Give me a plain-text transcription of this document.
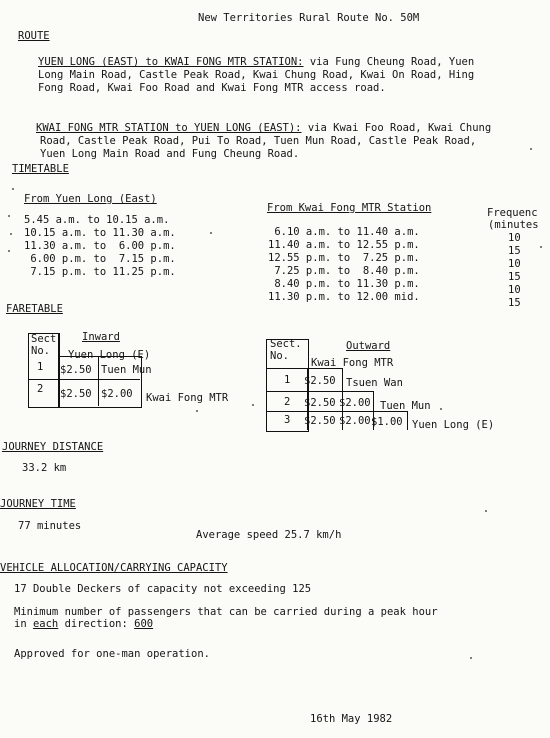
New Territories Rural Route No. 50M
ROUTE
YUEN LONG (EAST) to KWAI FONG MTR STATION: via Fung Cheung Road, Yuen
Long Main Road, Castle Peak Road, Kwai Chung Road, Kwai On Road, Hing
Fong Road, Kwai Foo Road and Kwai Fong MTR access road.
KWAI FONG MTR STATION to YUEN LONG (EAST): via Kwai Foo Road, Kwai Chung
Road, Castle Peak Road, Pui To Road, Tuen Mun Road, Castle Peak Road,
Yuen Long Main Road and Fung Cheung Road.
TIMETABLE
From Yuen Long (East)
5.45 a.m. to 10.15 a.m.
10.15 a.m. to 11.30 a.m.
11.30 a.m. to  6.00 p.m.
6.00 p.m. to  7.15 p.m.
7.15 p.m. to 11.25 p.m.
From Kwai Fong MTR Station
6.10 a.m. to 11.40 a.m.
11.40 a.m. to 12.55 p.m.
12.55 p.m. to  7.25 p.m.
7.25 p.m. to  8.40 p.m.
8.40 p.m. to 11.30 p.m.
11.30 p.m. to 12.00 mid.
Frequenc
(minutes
10
15
10
15
10
15
FARETABLE
Sect.
No.
Inward
Yuen Long (E)
1 $2.50 Tuen Mun
2 $2.50 $2.00 Kwai Fong MTR
Sect.
No.
Outward
Kwai Fong MTR
1 $2.50 Tsuen Wan
2 $2.50 $2.00 Tuen Mun
3 $2.50 $2.00 $1.00 Yuen Long (E)
JOURNEY DISTANCE
33.2 km
JOURNEY TIME
77 minutes
Average speed 25.7 km/h
VEHICLE ALLOCATION/CARRYING CAPACITY
17 Double Deckers of capacity not exceeding 125
Minimum number of passengers that can be carried during a peak hour
in each direction: 600
Approved for one-man operation.
16th May 1982
